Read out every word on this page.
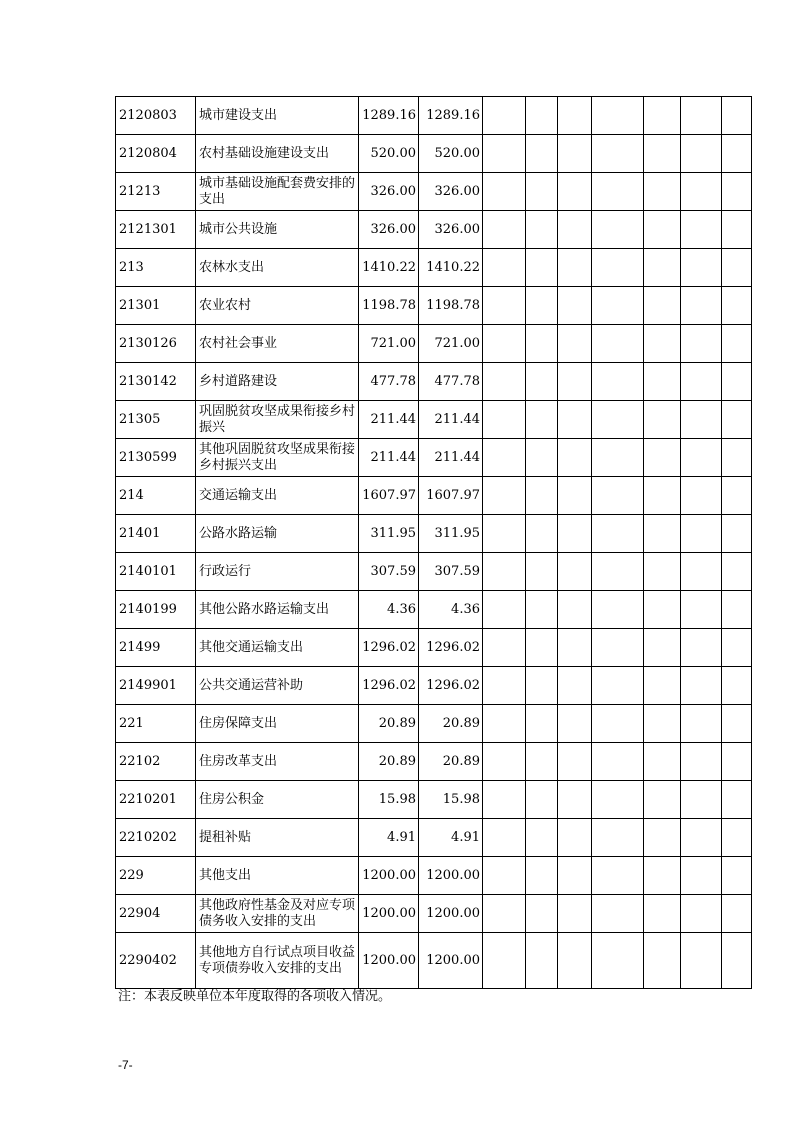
2120803	城市建设支出	1289.16	1289.16							
2120804	农村基础设施建设支出	520.00	520.00							
21213	城市基础设施配套费安排的支出	326.00	326.00							
2121301	城市公共设施	326.00	326.00							
213	农林水支出	1410.22	1410.22							
21301	农业农村	1198.78	1198.78							
2130126	农村社会事业	721.00	721.00							
2130142	乡村道路建设	477.78	477.78							
21305	巩固脱贫攻坚成果衔接乡村振兴	211.44	211.44							
2130599	其他巩固脱贫攻坚成果衔接乡村振兴支出	211.44	211.44							
214	交通运输支出	1607.97	1607.97							
21401	公路水路运输	311.95	311.95							
2140101	行政运行	307.59	307.59							
2140199	其他公路水路运输支出	4.36	4.36							
21499	其他交通运输支出	1296.02	1296.02							
2149901	公共交通运营补助	1296.02	1296.02							
221	住房保障支出	20.89	20.89							
22102	住房改革支出	20.89	20.89							
2210201	住房公积金	15.98	15.98							
2210202	提租补贴	4.91	4.91							
229	其他支出	1200.00	1200.00							
22904	其他政府性基金及对应专项债务收入安排的支出	1200.00	1200.00							
2290402	其他地方自行试点项目收益专项债券收入安排的支出	1200.00	1200.00							
注：本表反映单位本年度取得的各项收入情况。
-7-
